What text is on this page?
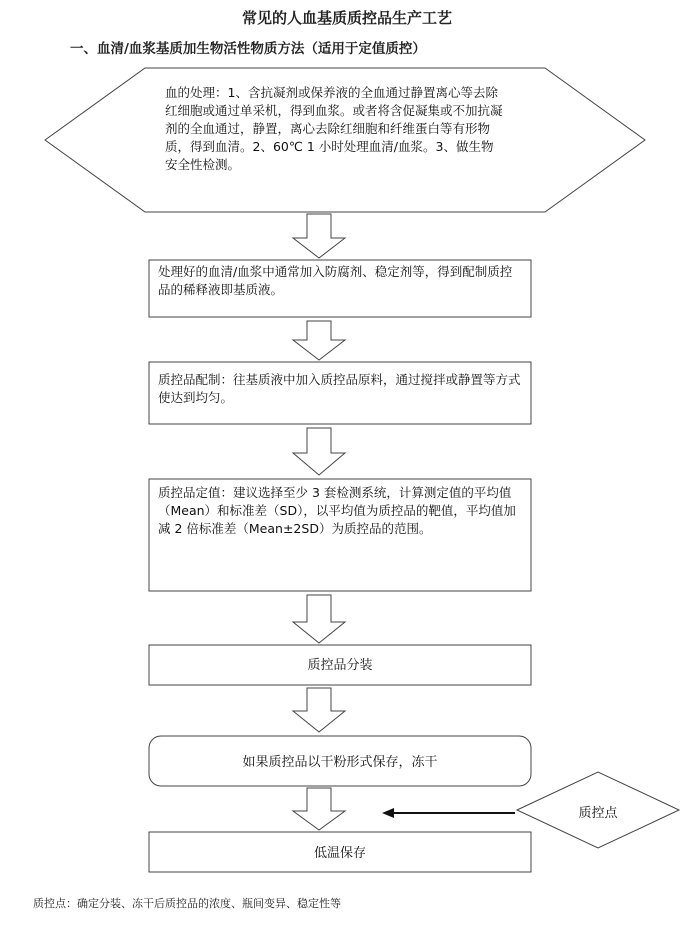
常见的人血基质质控品生产工艺
一、血清/血浆基质加生物活性物质方法（适用于定值质控）
血的处理：1、含抗凝剂或保养液的全血通过静置离心等去除红细胞或通过单采机，得到血浆。或者将含促凝集或不加抗凝剂的全血通过，静置，离心去除红细胞和纤维蛋白等有形物质，得到血清。2、60℃ 1 小时处理血清/血浆。3、做生物安全性检测。
处理好的血清/血浆中通常加入防腐剂、稳定剂等，得到配制质控品的稀释液即基质液。
质控品配制：往基质液中加入质控品原料，通过搅拌或静置等方式使达到均匀。
质控品定值：建议选择至少 3 套检测系统，计算测定值的平均值（Mean）和标准差（SD），以平均值为质控品的靶值，平均值加减 2 倍标准差（Mean±2SD）为质控品的范围。
质控品分装
如果质控品以干粉形式保存，冻干
低温保存
质控点
质控点：确定分装、冻干后质控品的浓度、瓶间变异、稳定性等
